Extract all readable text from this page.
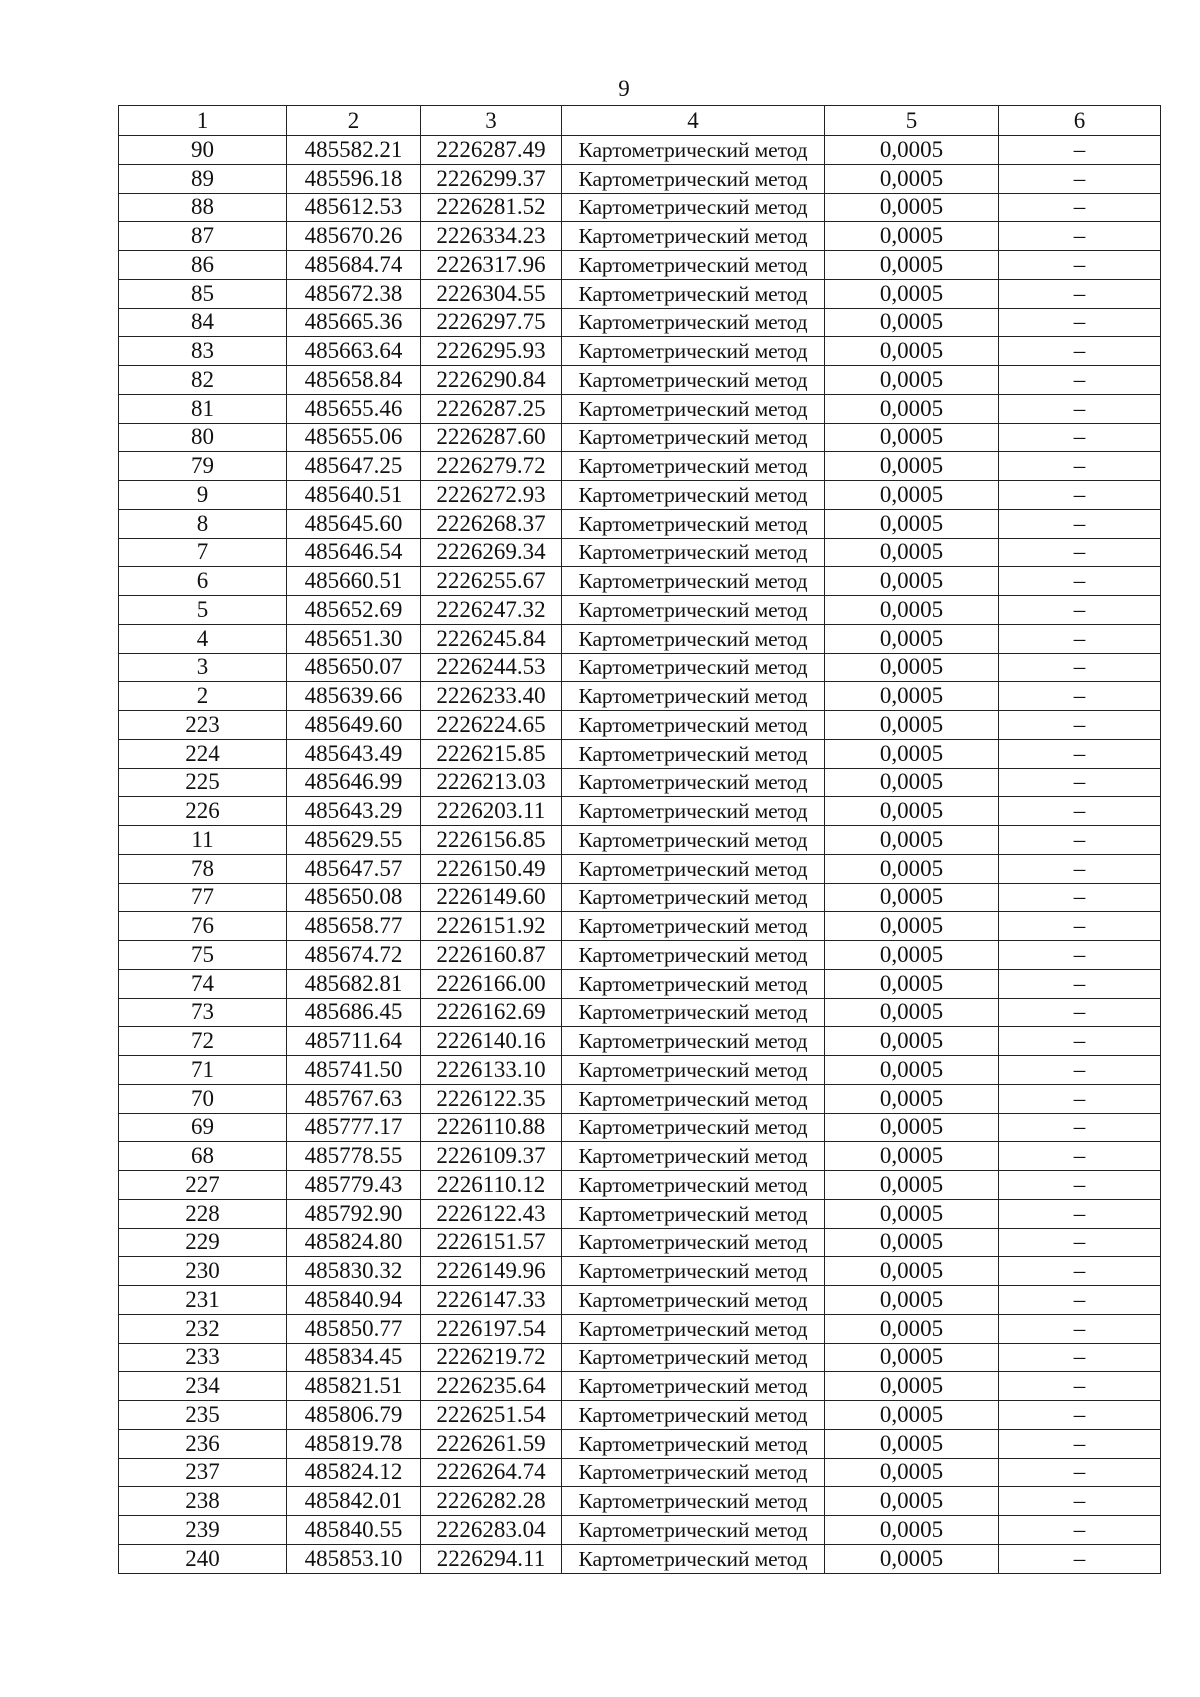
9
1	2	3	4	5	6
90	485582.21	2226287.49	Картометрический метод	0,0005	–
89	485596.18	2226299.37	Картометрический метод	0,0005	–
88	485612.53	2226281.52	Картометрический метод	0,0005	–
87	485670.26	2226334.23	Картометрический метод	0,0005	–
86	485684.74	2226317.96	Картометрический метод	0,0005	–
85	485672.38	2226304.55	Картометрический метод	0,0005	–
84	485665.36	2226297.75	Картометрический метод	0,0005	–
83	485663.64	2226295.93	Картометрический метод	0,0005	–
82	485658.84	2226290.84	Картометрический метод	0,0005	–
81	485655.46	2226287.25	Картометрический метод	0,0005	–
80	485655.06	2226287.60	Картометрический метод	0,0005	–
79	485647.25	2226279.72	Картометрический метод	0,0005	–
9	485640.51	2226272.93	Картометрический метод	0,0005	–
8	485645.60	2226268.37	Картометрический метод	0,0005	–
7	485646.54	2226269.34	Картометрический метод	0,0005	–
6	485660.51	2226255.67	Картометрический метод	0,0005	–
5	485652.69	2226247.32	Картометрический метод	0,0005	–
4	485651.30	2226245.84	Картометрический метод	0,0005	–
3	485650.07	2226244.53	Картометрический метод	0,0005	–
2	485639.66	2226233.40	Картометрический метод	0,0005	–
223	485649.60	2226224.65	Картометрический метод	0,0005	–
224	485643.49	2226215.85	Картометрический метод	0,0005	–
225	485646.99	2226213.03	Картометрический метод	0,0005	–
226	485643.29	2226203.11	Картометрический метод	0,0005	–
11	485629.55	2226156.85	Картометрический метод	0,0005	–
78	485647.57	2226150.49	Картометрический метод	0,0005	–
77	485650.08	2226149.60	Картометрический метод	0,0005	–
76	485658.77	2226151.92	Картометрический метод	0,0005	–
75	485674.72	2226160.87	Картометрический метод	0,0005	–
74	485682.81	2226166.00	Картометрический метод	0,0005	–
73	485686.45	2226162.69	Картометрический метод	0,0005	–
72	485711.64	2226140.16	Картометрический метод	0,0005	–
71	485741.50	2226133.10	Картометрический метод	0,0005	–
70	485767.63	2226122.35	Картометрический метод	0,0005	–
69	485777.17	2226110.88	Картометрический метод	0,0005	–
68	485778.55	2226109.37	Картометрический метод	0,0005	–
227	485779.43	2226110.12	Картометрический метод	0,0005	–
228	485792.90	2226122.43	Картометрический метод	0,0005	–
229	485824.80	2226151.57	Картометрический метод	0,0005	–
230	485830.32	2226149.96	Картометрический метод	0,0005	–
231	485840.94	2226147.33	Картометрический метод	0,0005	–
232	485850.77	2226197.54	Картометрический метод	0,0005	–
233	485834.45	2226219.72	Картометрический метод	0,0005	–
234	485821.51	2226235.64	Картометрический метод	0,0005	–
235	485806.79	2226251.54	Картометрический метод	0,0005	–
236	485819.78	2226261.59	Картометрический метод	0,0005	–
237	485824.12	2226264.74	Картометрический метод	0,0005	–
238	485842.01	2226282.28	Картометрический метод	0,0005	–
239	485840.55	2226283.04	Картометрический метод	0,0005	–
240	485853.10	2226294.11	Картометрический метод	0,0005	–
